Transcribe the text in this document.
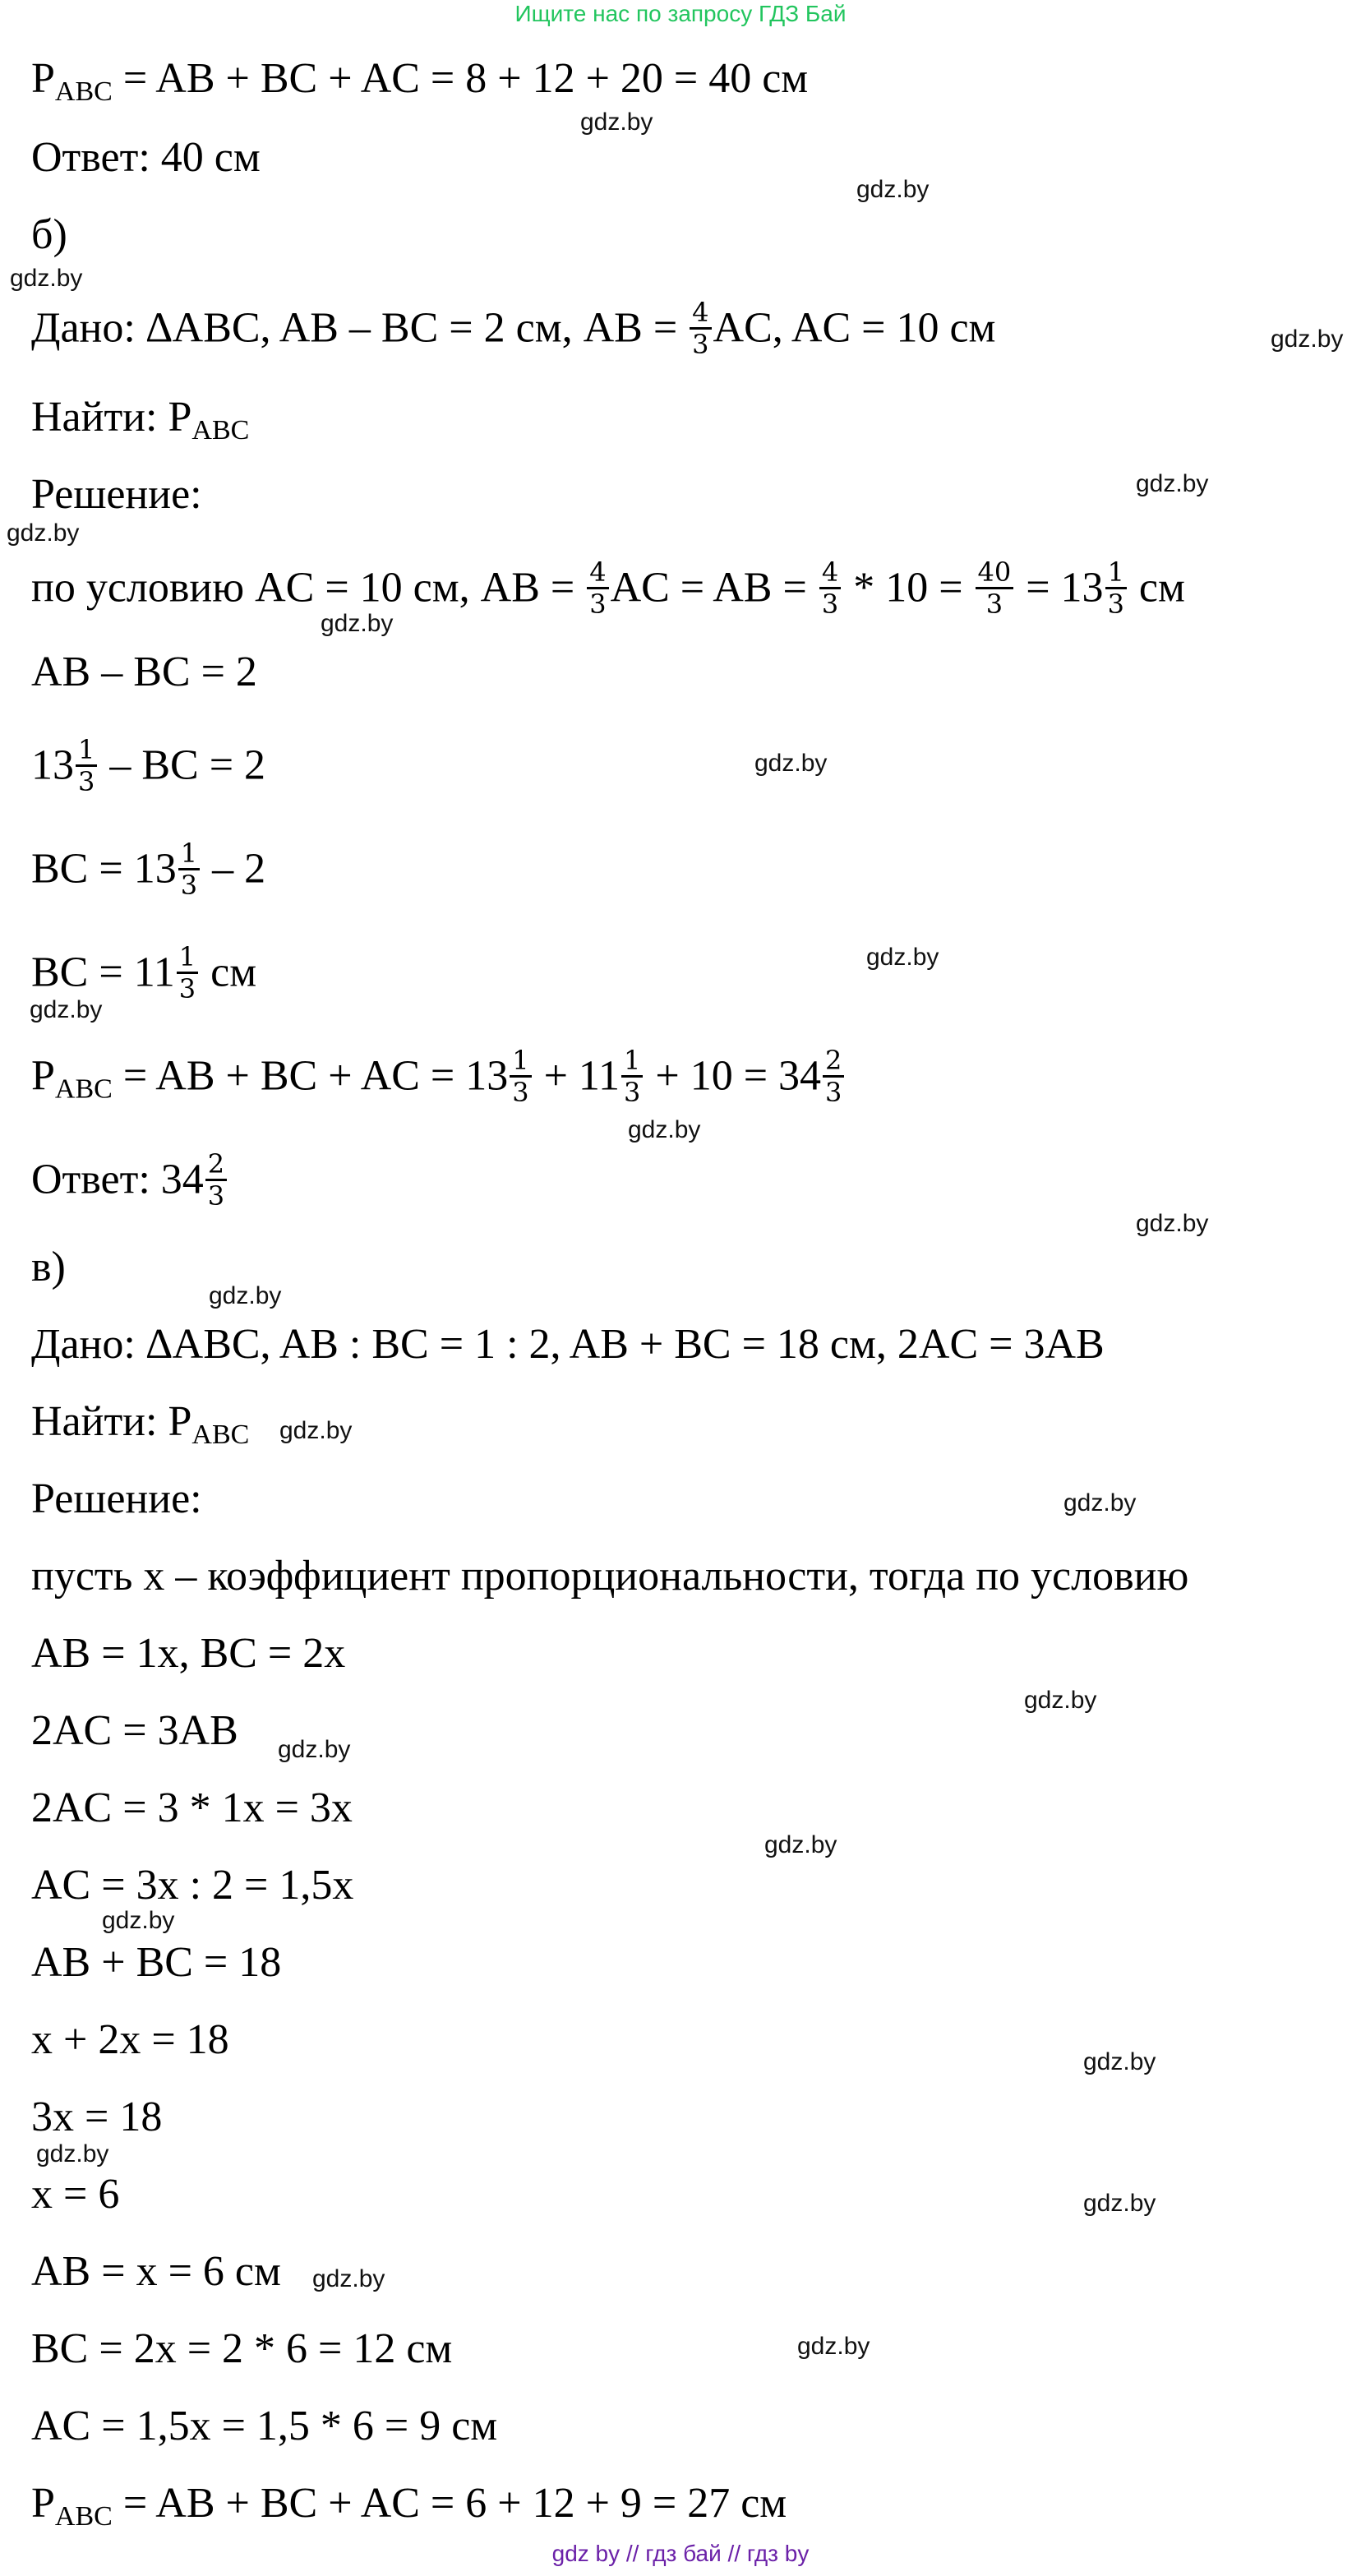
Ищите нас по запросу ГДЗ Бай
$P_{ABC}$ = AB + BC + AC = 8 + 12 + 20 = 40 см
Ответ: 40 см
б)
Дано: ∆ABC, AB – BC = 2 см, AB = $\frac{4}{3}$ AC, AC = 10 см
Найти: $P_{ABC}$
Решение:
по условию AC = 10 см, AB = $\frac{4}{3}$ AC = AB = $\frac{4}{3} * 10 = \frac{40}{3} = 13 \frac{1}{3}$ см
AB – BC = 2
$13 \frac{1}{3}$ – BC = 2
BC = $13 \frac{1}{3} - 2$
BC = $11 \frac{1}{3}$ см
$P_{ABC}$ = AB + BC + AC = $13 \frac{1}{3} + 11 \frac{1}{3} + 10 = 34 \frac{2}{3}$
Ответ: $34 \frac{2}{3}$
в)
Дано: ∆ABC, AB : BC = 1 : 2, AB + BC = 18 см, 2AC = 3AB
Найти: $P_{ABC}$
Решение:
пусть x – коэффициент пропорциональности, тогда по условию
AB = 1x, BC = 2x
2AC = 3AB
2AC = 3 * 1x = 3x
AC = 3x : 2 = 1,5x
AB + BC = 18
x + 2x = 18
3x = 18
x = 6
AB = x = 6 см
BC = 2x = 2 * 6 = 12 см
AC = 1,5x = 1,5 * 6 = 9 см
$P_{ABC}$ = AB + BC + AC = 6 + 12 + 9 = 27 см
gdz.by
gdz.by
gdz.by
gdz.by
gdz.by
gdz.by
gdz.by
gdz.by
gdz.by
gdz.by
gdz.by
gdz.by
gdz.by
gdz.by
gdz.by
gdz.by
gdz.by
gdz.by
gdz.by
gdz.by
gdz.by
gdz.by
gdz.by
gdz.by
gdz by // гдз бай // гдз by
